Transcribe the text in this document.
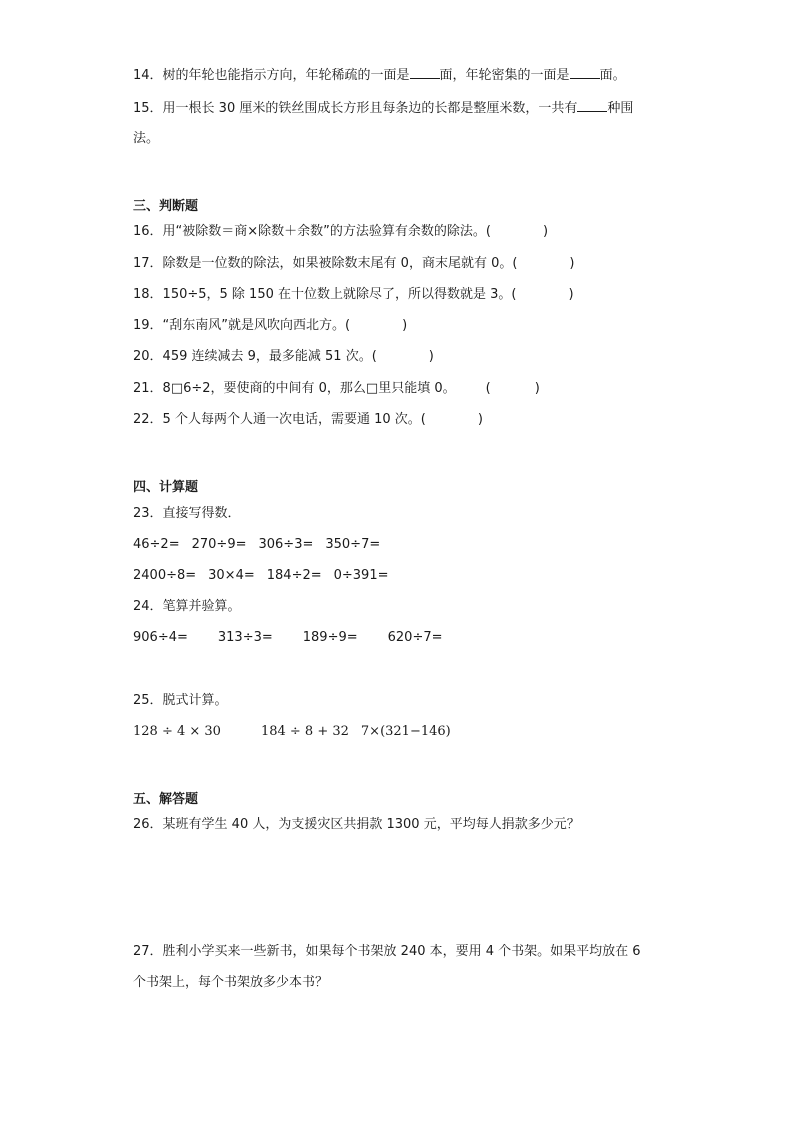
14．树的年轮也能指示方向，年轮稀疏的一面是 面，年轮密集的一面是 面。
15．用一根长 30 厘米的铁丝围成长方形且每条边的长都是整厘米数，一共有 种围
法。
三、判断题
16．用“被除数＝商×除数＋余数”的方法验算有余数的除法。(	)
17．除数是一位数的除法，如果被除数末尾有 0，商末尾就有 0。(	)
18．150÷5，5 除 150 在十位数上就除尽了，所以得数就是 3。(	)
19．“刮东南风”就是风吹向西北方。(	)
20．459 连续减去 9，最多能减 51 次。(	)
21．8□6÷2，要使商的中间有 0，那么□里只能填 0。 (	)
22．5 个人每两个人通一次电话，需要通 10 次。(	)
四、计算题
23．直接写得数．
46÷2= 270÷9= 306÷3= 350÷7=
2400÷8= 30×4= 184÷2= 0÷391=
24．笔算并验算。
906÷4= 313÷3= 189÷9= 620÷7=
25．脱式计算。
128 ÷ 4 × 30	184 ÷ 8 + 32 7×(321−146)
五、解答题
26．某班有学生 40 人，为支援灾区共捐款 1300 元，平均每人捐款多少元？
27．胜利小学买来一些新书，如果每个书架放 240 本，要用 4 个书架。如果平均放在 6
个书架上，每个书架放多少本书？
